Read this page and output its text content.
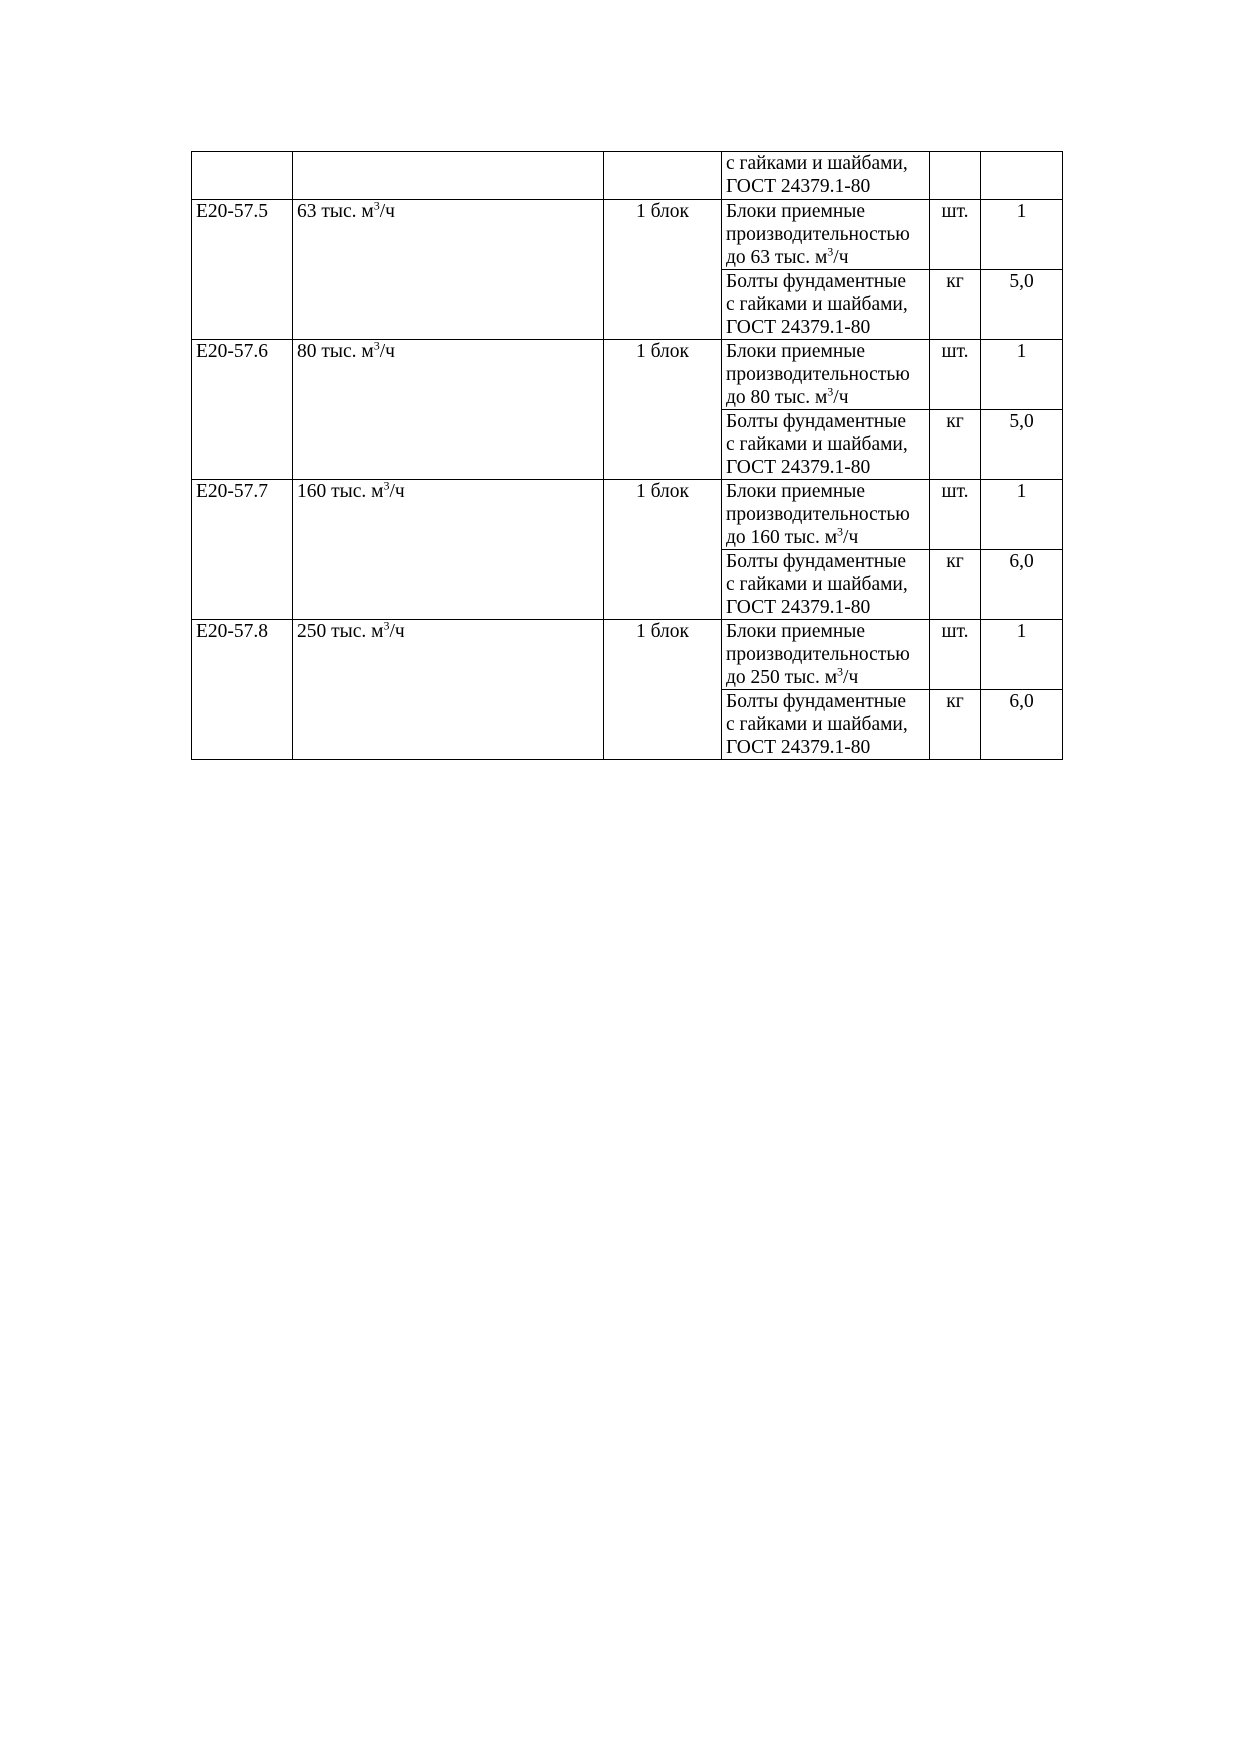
			с гайками и шайбами,
ГОСТ 24379.1-80		

Е20-57.5	63 тыс. $м^3/ч$	1 блок	Блоки приемные
производительностью
до 63 тыс. $м^3/ч$	шт.	1

			Болты фундаментные
с гайками и шайбами,
ГОСТ 24379.1-80	кг	5,0
Е20-57.6	80 тыс. $м^3/ч$	1 блок	Блоки приемные
производительностью
до 80 тыс. $м^3/ч$	шт.	1

			Болты фундаментные
с гайками и шайбами,
ГОСТ 24379.1-80	кг	5,0
Е20-57.7	160 тыс. $м^3/ч$	1 блок	Блоки приемные
производительностью
до 160 тыс. $м^3/ч$	шт.	1

			Болты фундаментные
с гайками и шайбами,
ГОСТ 24379.1-80	кг	6,0
Е20-57.8	250 тыс. $м^3/ч$	1 блок	Блоки приемные
производительностью
до 250 тыс. $м^3/ч$	шт.	1

			Болты фундаментные
с гайками и шайбами,
ГОСТ 24379.1-80	кг	6,0
